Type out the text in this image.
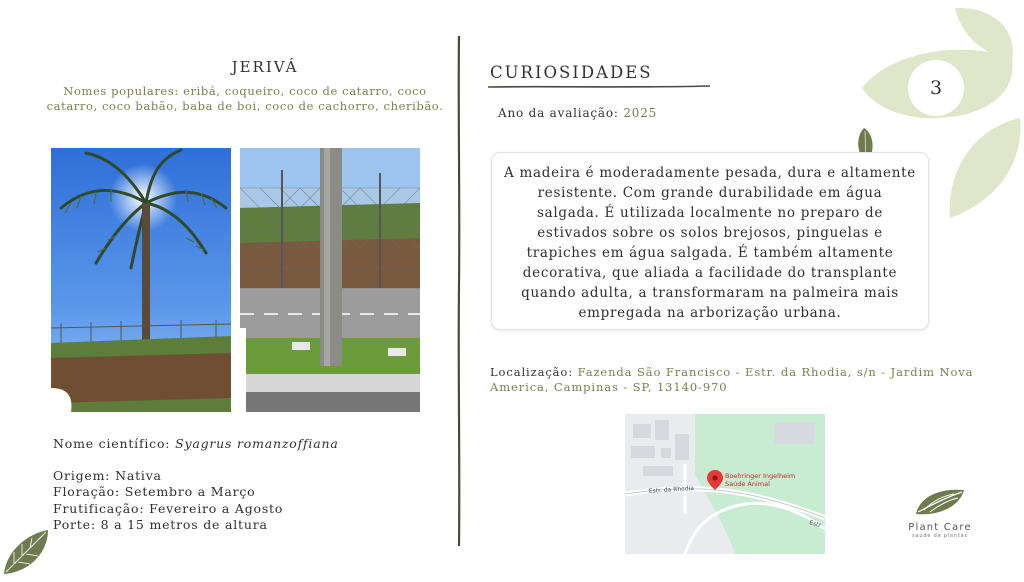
3
JERIVÁ
Nomes populares: eribá, coqueiro, coco de catarro, coco catarro, coco babão, baba de boi, coco de cachorro, cheribão.
Nome científico: Syagrus romanzoffiana
Origem: Nativa
Floração: Setembro a Março
Frutificação: Fevereiro a Agosto
Porte: 8 a 15 metros de altura
CURIOSIDADES
Ano da avaliação: 2025
A madeira é moderadamente pesada, dura e altamente resistente. Com grande durabilidade em água salgada. É utilizada localmente no preparo de estivados sobre os solos brejosos, pinguelas e trapiches em água salgada. É também altamente decorativa, que aliada a facilidade do transplante quando adulta, a transformaram na palmeira mais empregada na arborização urbana.
Localização: Fazenda São Francisco - Estr. da Rhodia, s/n - Jardim Nova America, Campinas - SP, 13140-970
Boehringer Ingelheim
Saúde Animal
Estr. da Rhodia
Estr	Plant Care
saúde de plantas
